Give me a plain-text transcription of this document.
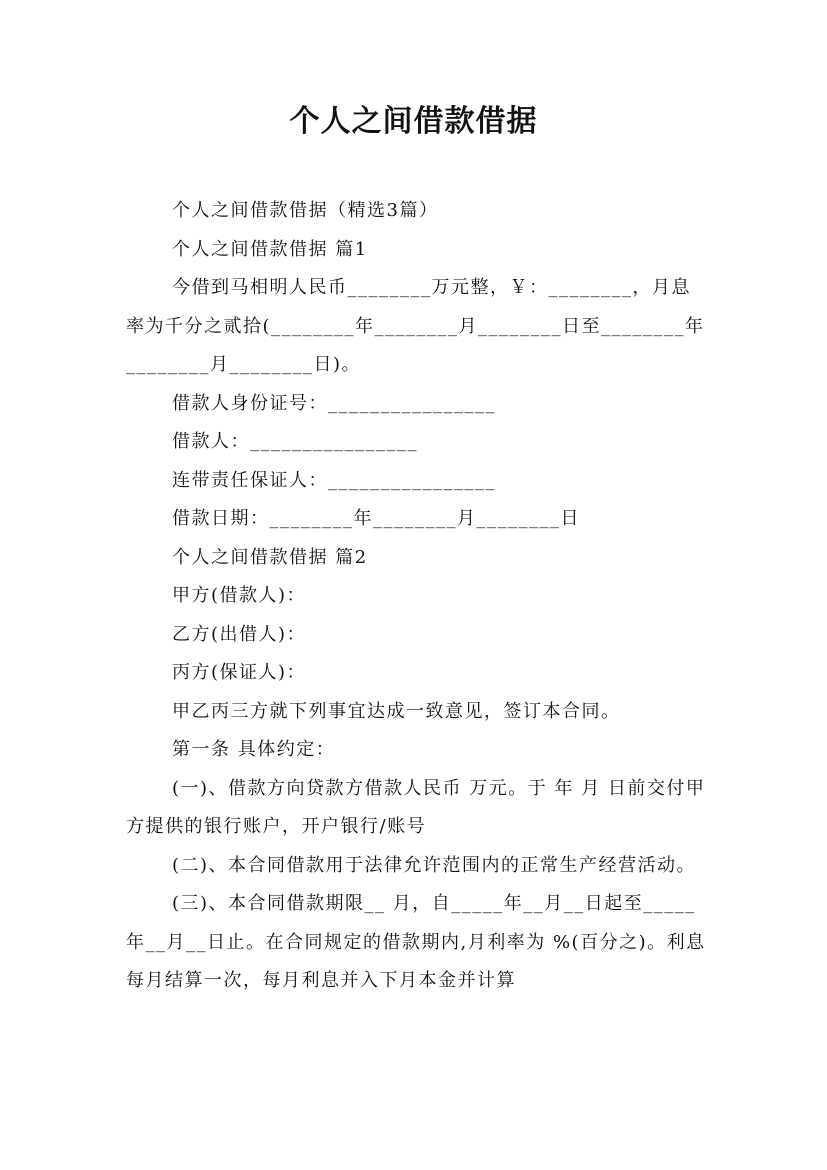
个人之间借款借据

个人之间借款借据（精选3篇）

个人之间借款借据 篇1

今借到马相明人民币________万元整，￥：________，月息率为千分之贰拾(________年________月________日至________年________月________日)。

借款人身份证号：________________

借款人：________________

连带责任保证人：________________

借款日期：________年________月________日

个人之间借款借据 篇2

甲方(借款人)：

乙方(出借人)：

丙方(保证人)：

甲乙丙三方就下列事宜达成一致意见，签订本合同。

第一条 具体约定：

(一)、借款方向贷款方借款人民币 万元。于 年 月 日前交付甲方提供的银行账户，开户银行/账号

(二)、本合同借款用于法律允许范围内的正常生产经营活动。

(三)、本合同借款期限__ 月，自_____年__月__日起至_____年__月__日止。在合同规定的借款期内,月利率为 %(百分之)。利息每月结算一次，每月利息并入下月本金并计算
